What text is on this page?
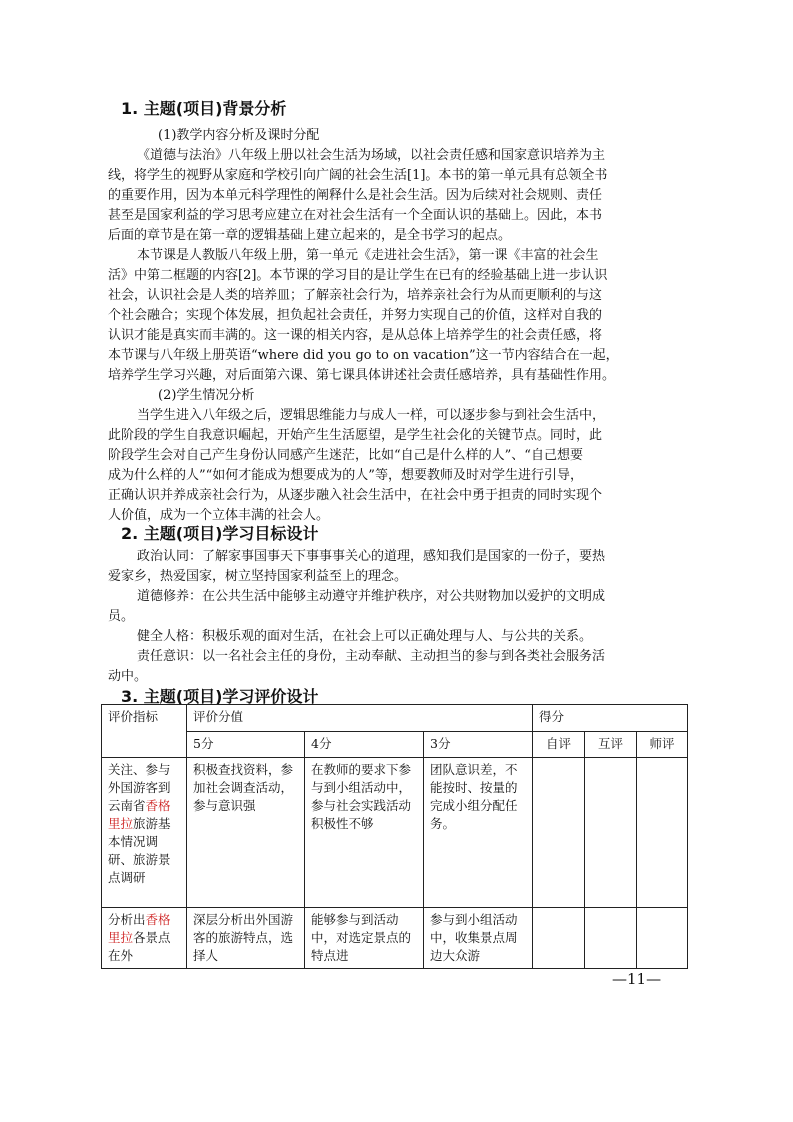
1. 主题(项目)背景分析

(1)教学内容分析及课时分配

《道德与法治》八年级上册以社会生活为场域，以社会责任感和国家意识培养为主

线，将学生的视野从家庭和学校引向广阔的社会生活[1]。本书的第一单元具有总领全书

的重要作用，因为本单元科学理性的阐释什么是社会生活。因为后续对社会规则、责任

甚至是国家利益的学习思考应建立在对社会生活有一个全面认识的基础上。因此，本书

后面的章节是在第一章的逻辑基础上建立起来的，是全书学习的起点。

本节课是人教版八年级上册，第一单元《走进社会生活》，第一课《丰富的社会生

活》中第二框题的内容[2]。本节课的学习目的是让学生在已有的经验基础上进一步认识

社会，认识社会是人类的培养皿；了解亲社会行为，培养亲社会行为从而更顺利的与这

个社会融合；实现个体发展，担负起社会责任，并努力实现自己的价值，这样对自我的

认识才能是真实而丰满的。这一课的相关内容，是从总体上培养学生的社会责任感，将

本节课与八年级上册英语“where did you go to on vacation”这一节内容结合在一起，

培养学生学习兴趣，对后面第六课、第七课具体讲述社会责任感培养，具有基础性作用。

(2)学生情况分析

当学生进入八年级之后，逻辑思维能力与成人一样，可以逐步参与到社会生活中，

此阶段的学生自我意识崛起，开始产生生活愿望，是学生社会化的关键节点。同时，此

阶段学生会对自己产生身份认同感产生迷茫，比如“自己是什么样的人”、“自己想要

成为什么样的人”“如何才能成为想要成为的人”等，想要教师及时对学生进行引导，

正确认识并养成亲社会行为，从逐步融入社会生活中，在社会中勇于担责的同时实现个

人价值，成为一个立体丰满的社会人。

2. 主题(项目)学习目标设计

政治认同：了解家事国事天下事事事关心的道理，感知我们是国家的一份子，要热

爱家乡，热爱国家，树立坚持国家利益至上的理念。

道德修养：在公共生活中能够主动遵守并维护秩序，对公共财物加以爱护的文明成

员。

健全人格：积极乐观的面对生活，在社会上可以正确处理与人、与公共的关系。

责任意识：以一名社会主任的身份，主动奉献、主动担当的参与到各类社会服务活

动中。

3. 主题(项目)学习评价设计
评价指标	评价分值			得分		
	5分	4分	3分	自评	互评	师评
关注、参与外国游客到云南省香格里拉旅游基本情况调研、旅游景点调研	积极查找资料，参加社会调查活动，参与意识强	在教师的要求下参与到小组活动中，参与社会实践活动积极性不够	团队意识差，不能按时、按量的完成小组分配任务。			
分析出香格里拉各景点在外	深层分析出外国游客的旅游特点，选择人	能够参与到活动中，对选定景点的特点进	参与到小组活动中，收集景点周边大众游			
—11—
